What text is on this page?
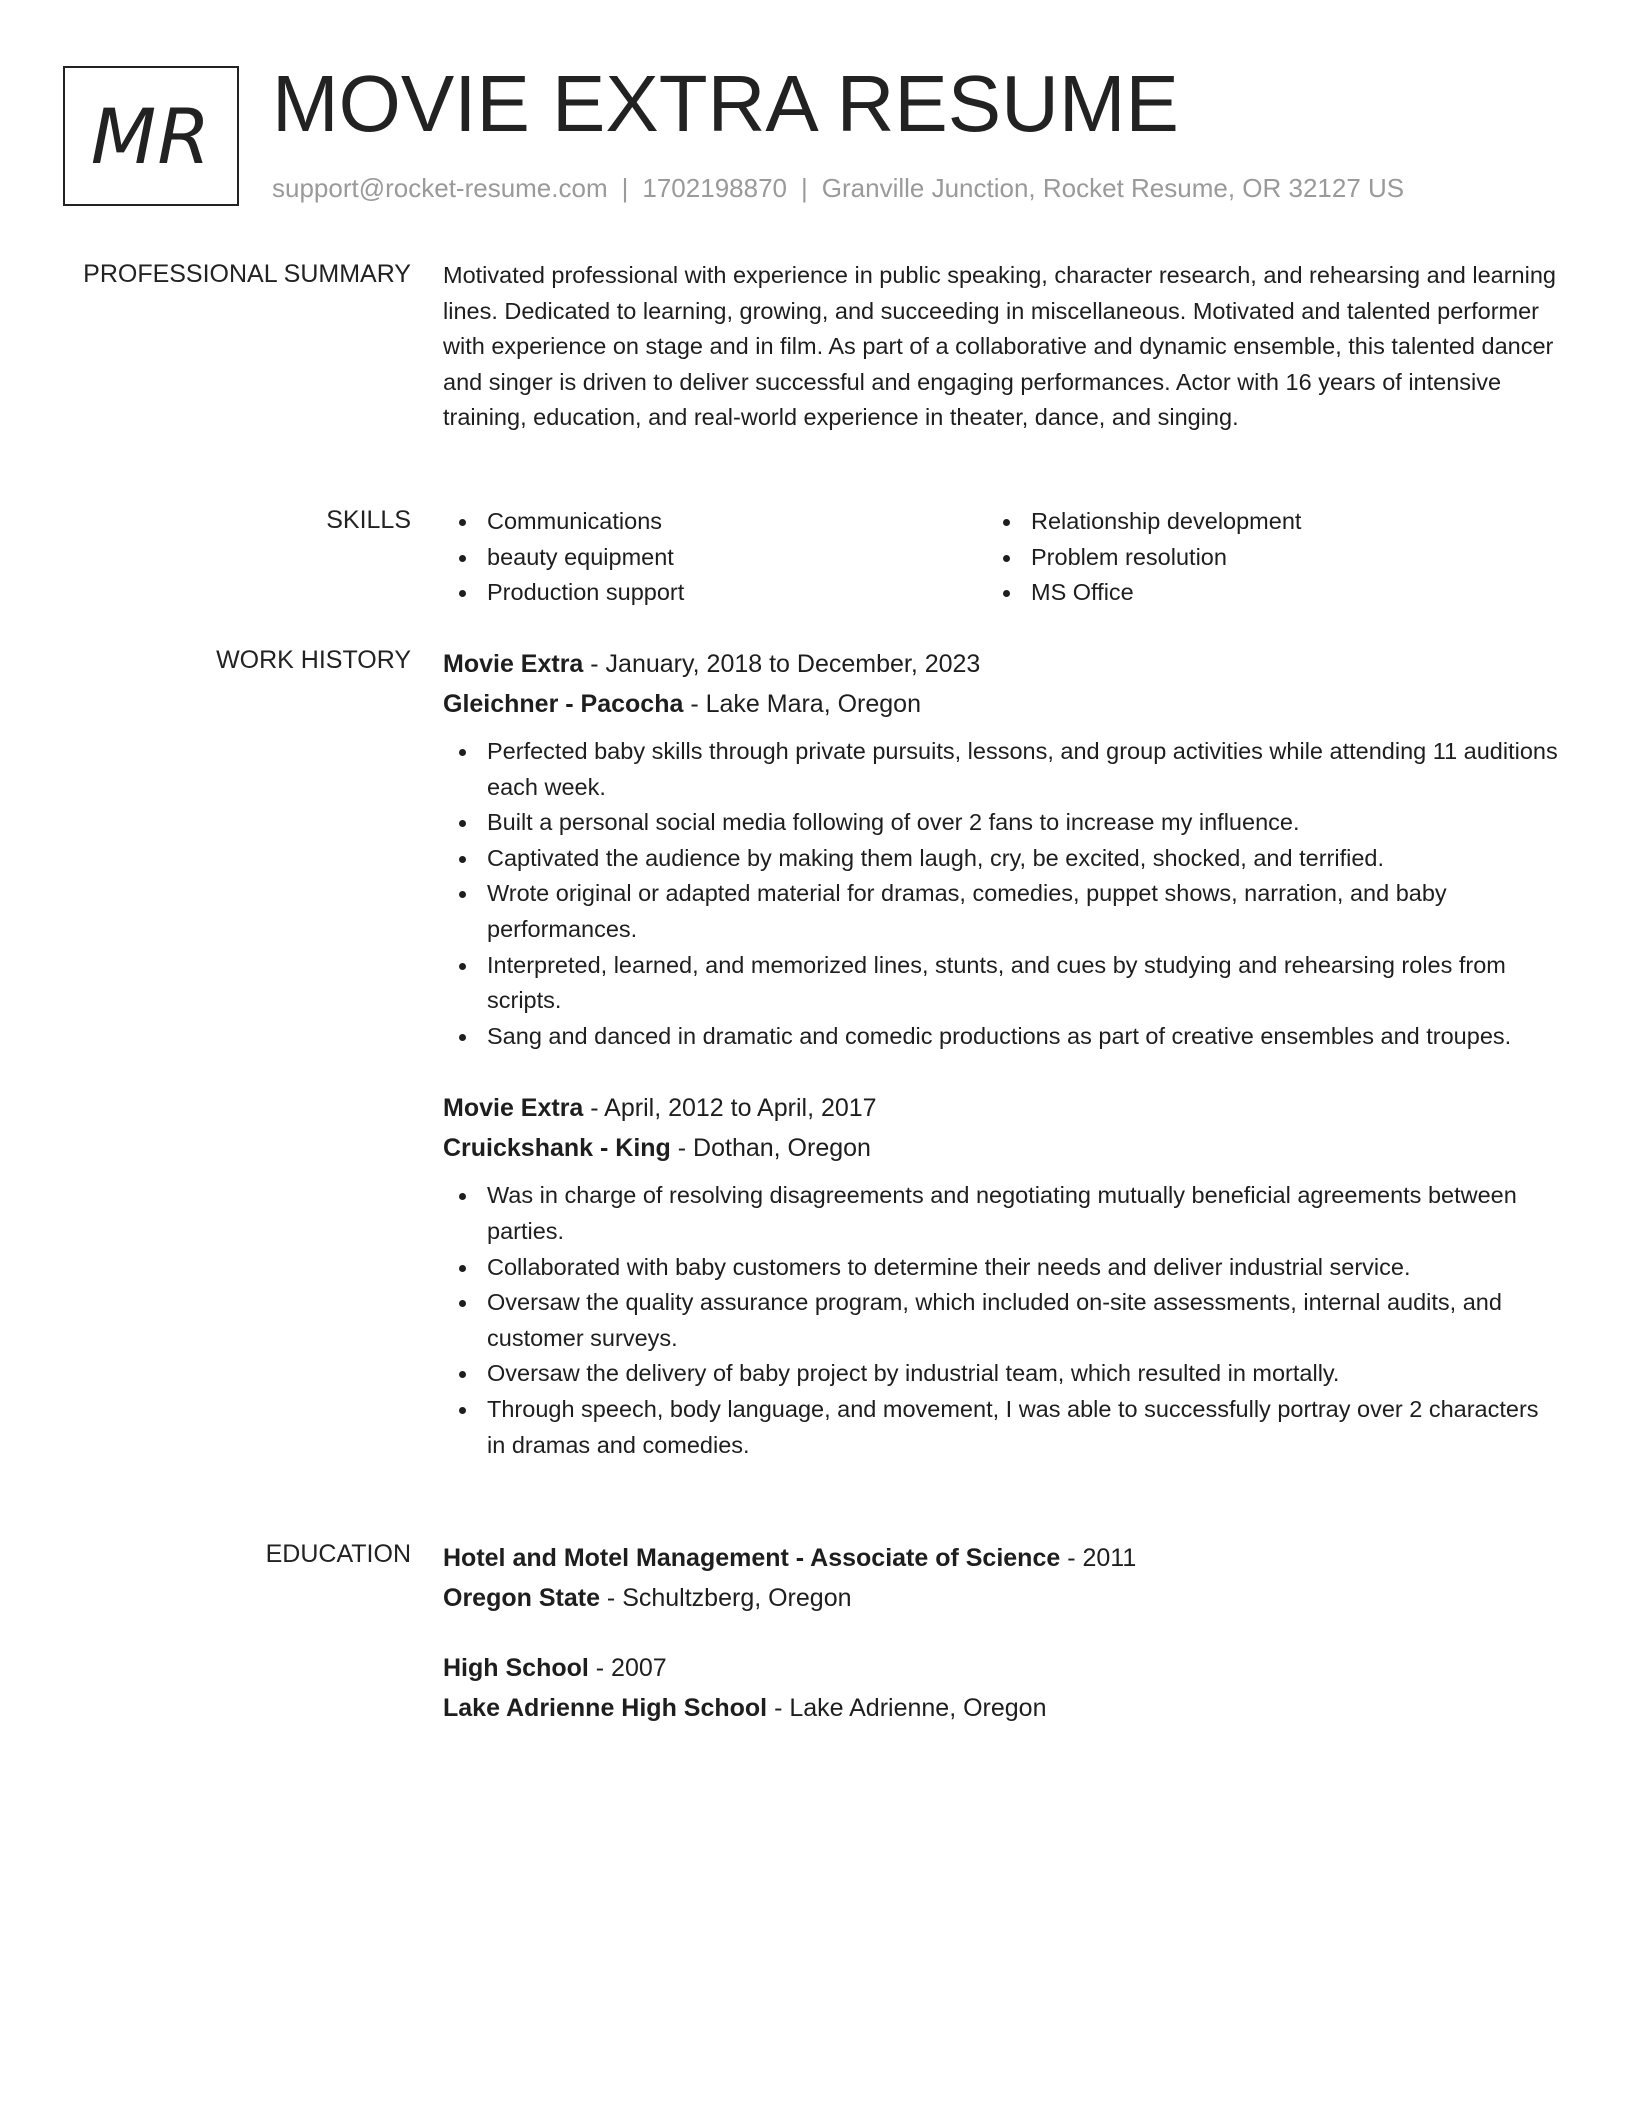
MR MOVIE EXTRA RESUME
support@rocket-resume.com | 1702198870 | Granville Junction, Rocket Resume, OR 32127 US
PROFESSIONAL SUMMARY Motivated professional with experience in public speaking, character research, and rehearsing and learning lines. Dedicated to learning, growing, and succeeding in miscellaneous. Motivated and talented performer with experience on stage and in film. As part of a collaborative and dynamic ensemble, this talented dancer and singer is driven to deliver successful and engaging performances. Actor with 16 years of intensive training, education, and real-world experience in theater, dance, and singing.

SKILLS	Communications
beauty equipment
Production support
Relationship development
Problem resolution
MS Office
WORK HISTORY Movie Extra - January, 2018 to December, 2023
Gleichner - Pacocha - Lake Mara, Oregon
Perfected baby skills through private pursuits, lessons, and group activities while attending 11 auditions each week.
Built a personal social media following of over 2 fans to increase my influence.
Captivated the audience by making them laugh, cry, be excited, shocked, and terrified.
Wrote original or adapted material for dramas, comedies, puppet shows, narration, and baby performances.
Interpreted, learned, and memorized lines, stunts, and cues by studying and rehearsing roles from scripts.
Sang and danced in dramatic and comedic productions as part of creative ensembles and troupes.
Movie Extra - April, 2012 to April, 2017
Cruickshank - King - Dothan, Oregon
Was in charge of resolving disagreements and negotiating mutually beneficial agreements between parties.
Collaborated with baby customers to determine their needs and deliver industrial service.
Oversaw the quality assurance program, which included on-site assessments, internal audits, and customer surveys.
Oversaw the delivery of baby project by industrial team, which resulted in mortally.
Through speech, body language, and movement, I was able to successfully portray over 2 characters in dramas and comedies.
EDUCATION Hotel and Motel Management - Associate of Science - 2011
Oregon State - Schultzberg, Oregon
High School - 2007
Lake Adrienne High School - Lake Adrienne, Oregon
